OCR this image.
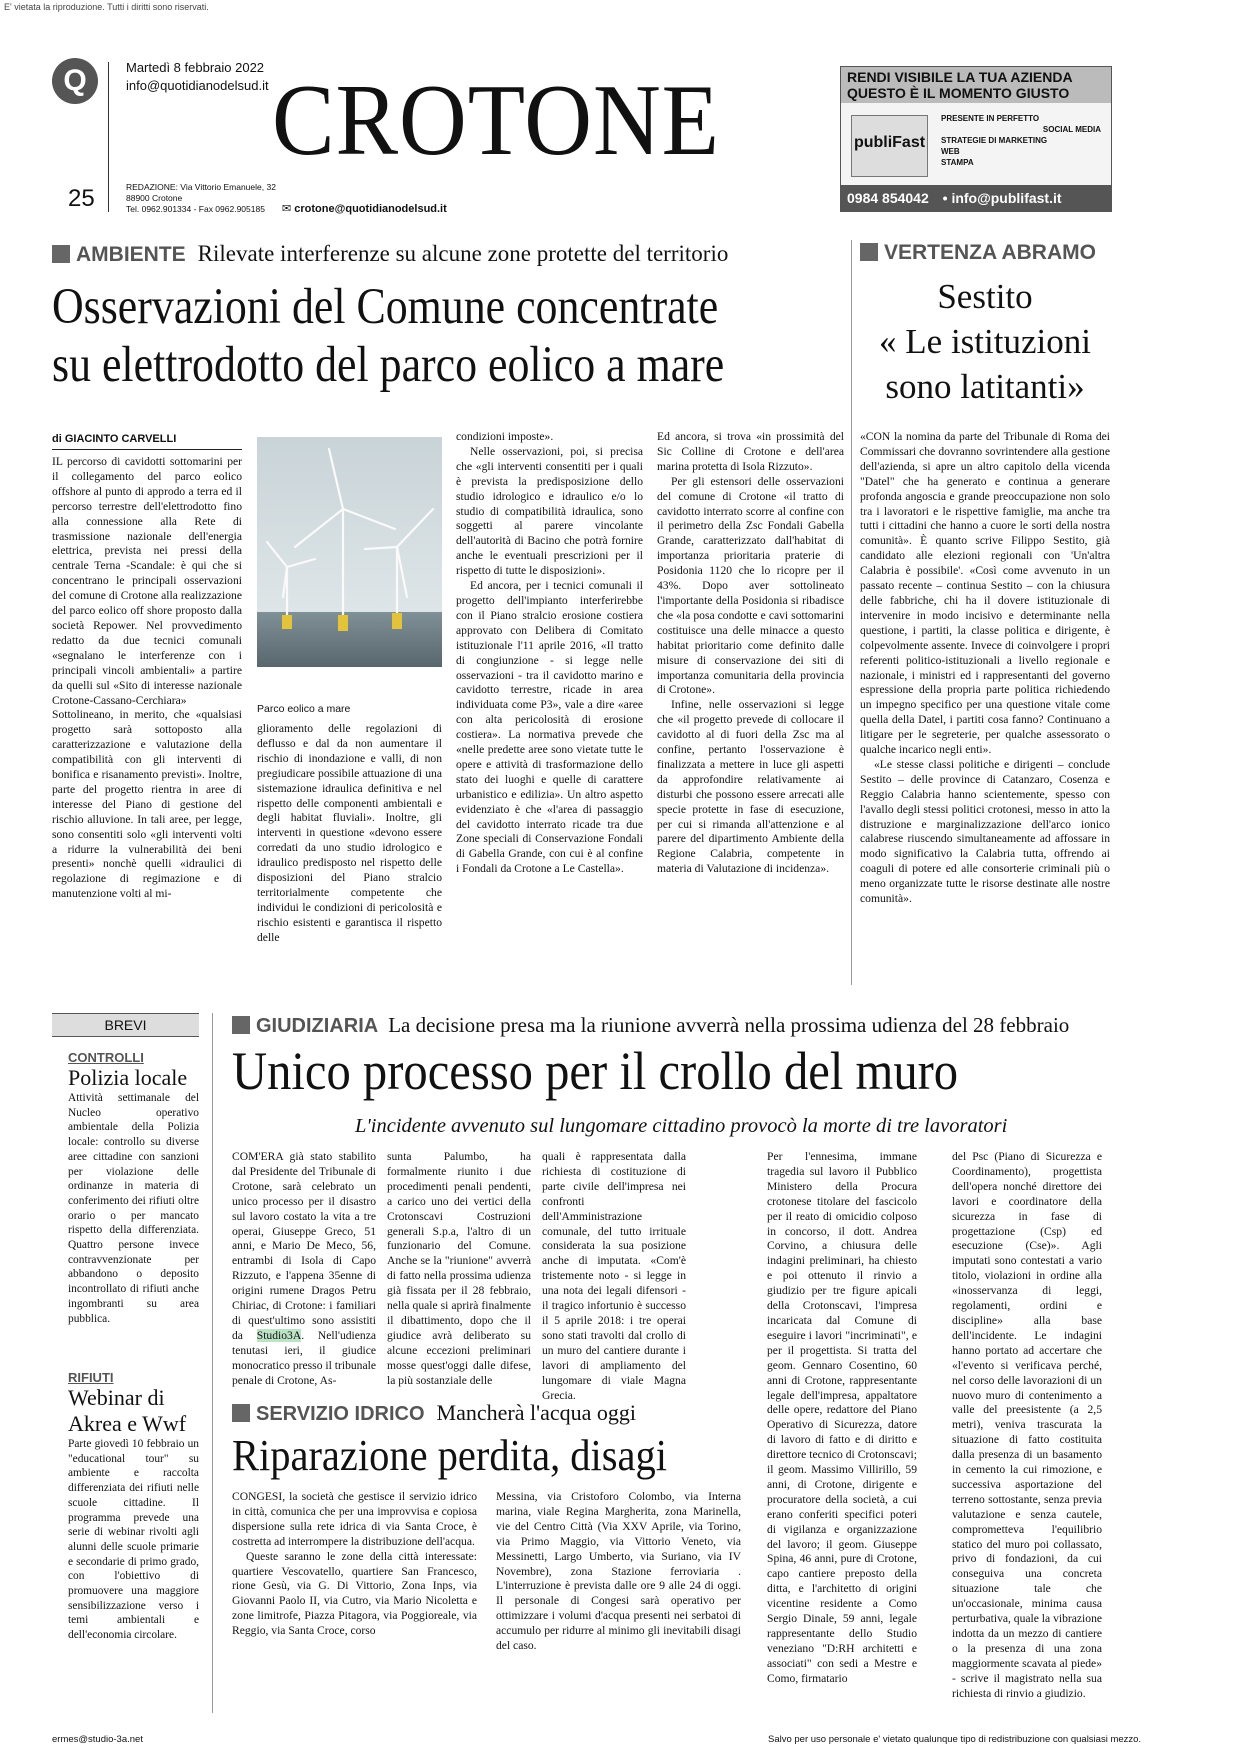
E' vietata la riproduzione. Tutti i diritti sono riservati.
Q	Martedì 8 febbraio 2022
info@quotidianodelsud.it
25
CROTONE
REDAZIONE: Via Vittorio Emanuele, 32
88900 Crotone
Tel. 0962.901334 - Fax 0962.905185	✉ crotone@quotidianodelsud.it
RENDI VISIBILE LA TUA AZIENDA
QUESTO È IL MOMENTO GIUSTO
publiFast
PRESENTE IN PERFETTO
SOCIAL MEDIA
STRATEGIE DI MARKETING
WEB
STAMPA
0984 854042 • info@publifast.it
AMBIENTE Rilevate interferenze su alcune zone protette del territorio
Osservazioni del Comune concentrate
su elettrodotto del parco eolico a mare
di GIACINTO CARVELLI
Parco eolico a mare

IL percorso di cavidotti sottomarini per il collegamento del parco eolico offshore al punto di approdo a terra ed il percorso terrestre dell'elettrodotto fino alla connessione alla Rete di trasmissione nazionale dell'energia elettrica, prevista nei pressi della centrale Terna -Scandale: è qui che si concentrano le principali osservazioni del comune di Crotone alla realizzazione del parco eolico off shore proposto dalla società Repower. Nel provvedimento redatto da due tecnici comunali «segnalano le interferenze con i principali vincoli ambientali» a partire da quelli sul «Sito di interesse nazionale Crotone-Cassano-Cerchiara» Sottolineano, in merito, che «qualsiasi progetto sarà sottoposto alla caratterizzazione e valutazione della compatibilità con gli interventi di bonifica e risanamento previsti». Inoltre, parte del progetto rientra in aree di interesse del Piano di gestione del rischio alluvione. In tali aree, per legge, sono consentiti solo «gli interventi volti a ridurre la vulnerabilità dei beni presenti» nonchè quelli «idraulici di regolazione di regimazione e di manutenzione volti al mi-

glioramento delle regolazioni di deflusso e dal da non aumentare il rischio di inondazione e valli, di non pregiudicare possibile attuazione di una sistemazione idraulica definitiva e nel rispetto delle componenti ambientali e degli habitat fluviali». Inoltre, gli interventi in questione «devono essere corredati da uno studio idrologico e idraulico predisposto nel rispetto delle disposizioni del Piano stralcio territorialmente competente che individui le condizioni di pericolosità e rischio esistenti e garantisca il rispetto delle

condizioni imposte».

Nelle osservazioni, poi, si precisa che «gli interventi consentiti per i quali è prevista la predisposizione dello studio idrologico e idraulico e/o lo studio di compatibilità idraulica, sono soggetti al parere vincolante dell'autorità di Bacino che potrà fornire anche le eventuali prescrizioni per il rispetto di tutte le disposizioni».

Ed ancora, per i tecnici comunali il progetto dell'impianto interferirebbe con il Piano stralcio erosione costiera approvato con Delibera di Comitato istituzionale l'11 aprile 2016, «Il tratto di congiunzione - si legge nelle osservazioni - tra il cavidotto marino e cavidotto terrestre, ricade in area individuata come P3», vale a dire «aree con alta pericolosità di erosione costiera». La normativa prevede che «nelle predette aree sono vietate tutte le opere e attività di trasformazione dello stato dei luoghi e quelle di carattere urbanistico e edilizia». Un altro aspetto evidenziato è che «l'area di passaggio del cavidotto interrato ricade tra due Zone speciali di Conservazione Fondali di Gabella Grande, con cui è al confine i Fondali da Crotone a Le Castella».

Ed ancora, si trova «in prossimità del Sic Colline di Crotone e dell'area marina protetta di Isola Rizzuto».

Per gli estensori delle osservazioni del comune di Crotone «il tratto di cavidotto interrato scorre al confine con il perimetro della Zsc Fondali Gabella Grande, caratterizzato dall'habitat di importanza prioritaria praterie di Posidonia 1120 che lo ricopre per il 43%. Dopo aver sottolineato l'importante della Posidonia si ribadisce che «la posa condotte e cavi sottomarini costituisce una delle minacce a questo habitat prioritario come definito dalle misure di conservazione dei siti di importanza comunitaria della provincia di Crotone».

Infine, nelle osservazioni si legge che «il progetto prevede di collocare il cavidotto al di fuori della Zsc ma al confine, pertanto l'osservazione è finalizzata a mettere in luce gli aspetti da approfondire relativamente ai disturbi che possono essere arrecati alle specie protette in fase di esecuzione, per cui si rimanda all'attenzione e al parere del dipartimento Ambiente della Regione Calabria, competente in materia di Valutazione di incidenza».

VERTENZA ABRAMO
Sestito
« Le istituzioni
sono latitanti»

«CON la nomina da parte del Tribunale di Roma dei Commissari che dovranno sovrintendere alla gestione dell'azienda, si apre un altro capitolo della vicenda "Datel" che ha generato e continua a generare profonda angoscia e grande preoccupazione non solo tra i lavoratori e le rispettive famiglie, ma anche tra tutti i cittadini che hanno a cuore le sorti della nostra comunità». È quanto scrive Filippo Sestito, già candidato alle elezioni regionali con 'Un'altra Calabria è possibile'. «Così come avvenuto in un passato recente – continua Sestito – con la chiusura delle fabbriche, chi ha il dovere istituzionale di intervenire in modo incisivo e determinante nella questione, i partiti, la classe politica e dirigente, è colpevolmente assente. Invece di coinvolgere i propri referenti politico-istituzionali a livello regionale e nazionale, i ministri ed i rappresentanti del governo espressione della propria parte politica richiedendo un impegno specifico per una questione vitale come quella della Datel, i partiti cosa fanno? Continuano a litigare per le segreterie, per qualche assessorato o qualche incarico negli enti».

«Le stesse classi politiche e dirigenti – conclude Sestito – delle province di Catanzaro, Cosenza e Reggio Calabria hanno scientemente, spesso con l'avallo degli stessi politici crotonesi, messo in atto la distruzione e marginalizzazione dell'arco ionico calabrese riuscendo simultaneamente ad affossare in modo significativo la Calabria tutta, offrendo ai coaguli di potere ed alle consorterie criminali più o meno organizzate tutte le risorse destinate alle nostre comunità».

BREVI
CONTROLLI
Polizia locale

Attività settimanale del Nucleo operativo ambientale della Polizia locale: controllo su diverse aree cittadine con sanzioni per violazione delle ordinanze in materia di conferimento dei rifiuti oltre orario o per mancato rispetto della differenziata. Quattro persone invece contravvenzionate per abbandono o deposito incontrollato di rifiuti anche ingombranti su area pubblica.

RIFIUTI
Webinar di
Akrea e Wwf

Parte giovedì 10 febbraio un "educational tour" su ambiente e raccolta differenziata dei rifiuti nelle scuole cittadine. Il programma prevede una serie di webinar rivolti agli alunni delle scuole primarie e secondarie di primo grado, con l'obiettivo di promuovere una maggiore sensibilizzazione verso i temi ambientali e dell'economia circolare.

GIUDIZIARIA La decisione presa ma la riunione avverrà nella prossima udienza del 28 febbraio
Unico processo per il crollo del muro
L'incidente avvenuto sul lungomare cittadino provocò la morte di tre lavoratori

COM'ERA già stato stabilito dal Presidente del Tribunale di Crotone, sarà celebrato un unico processo per il disastro sul lavoro costato la vita a tre operai, Giuseppe Greco, 51 anni, e Mario De Meco, 56, entrambi di Isola di Capo Rizzuto, e l'appena 35enne di origini rumene Dragos Petru Chiriac, di Crotone: i familiari di quest'ultimo sono assistiti da Studio3A. Nell'udienza tenutasi ieri, il giudice monocratico presso il tribunale penale di Crotone, As-

sunta Palumbo, ha formalmente riunito i due procedimenti penali pendenti, a carico uno dei vertici della Crotonscavi Costruzioni generali S.p.a, l'altro di un funzionario del Comune. Anche se la "riunione" avverrà di fatto nella prossima udienza già fissata per il 28 febbraio, nella quale si aprirà finalmente il dibattimento, dopo che il giudice avrà deliberato su alcune eccezioni preliminari mosse quest'oggi dalle difese, la più sostanziale delle

quali è rappresentata dalla richiesta di costituzione di parte civile dell'impresa nei confronti dell'Amministrazione comunale, del tutto irrituale considerata la sua posizione anche di imputata. «Com'è tristemente noto - si legge in una nota dei legali difensori - il tragico infortunio è successo il 5 aprile 2018: i tre operai sono stati travolti dal crollo di un muro del cantiere durante i lavori di ampliamento del lungomare di viale Magna Grecia.

Per l'ennesima, immane tragedia sul lavoro il Pubblico Ministero della Procura crotonese titolare del fascicolo per il reato di omicidio colposo in concorso, il dott. Andrea Corvino, a chiusura delle indagini preliminari, ha chiesto e poi ottenuto il rinvio a giudizio per tre figure apicali della Crotonscavi, l'impresa incaricata dal Comune di eseguire i lavori "incriminati", e per il progettista. Si tratta del geom. Gennaro Cosentino, 60 anni di Crotone, rappresentante legale dell'impresa, appaltatore delle opere, redattore del Piano Operativo di Sicurezza, datore di lavoro di fatto e di diritto e direttore tecnico di Crotonscavi; il geom. Massimo Villirillo, 59 anni, di Crotone, dirigente e procuratore della società, a cui erano conferiti specifici poteri di vigilanza e organizzazione del lavoro; il geom. Giuseppe Spina, 46 anni, pure di Crotone, capo cantiere preposto della ditta, e l'architetto di origini vicentine residente a Como Sergio Dinale, 59 anni, legale rappresentante dello Studio veneziano "D:RH architetti e associati" con sedi a Mestre e Como, firmatario

del Psc (Piano di Sicurezza e Coordinamento), progettista dell'opera nonché direttore dei lavori e coordinatore della sicurezza in fase di progettazione (Csp) ed esecuzione (Cse)». Agli imputati sono contestati a vario titolo, violazioni in ordine alla «inosservanza di leggi, regolamenti, ordini e discipline» alla base dell'incidente. Le indagini hanno portato ad accertare che «l'evento si verificava perché, nel corso delle lavorazioni di un nuovo muro di contenimento a valle del preesistente (a 2,5 metri), veniva trascurata la situazione di fatto costituita dalla presenza di un basamento in cemento la cui rimozione, e successiva asportazione del terreno sottostante, senza previa valutazione e senza cautele, comprometteva l'equilibrio statico del muro poi collassato, privo di fondazioni, da cui conseguiva una concreta situazione tale che un'occasionale, minima causa perturbativa, quale la vibrazione indotta da un mezzo di cantiere o la presenza di una zona maggiormente scavata al piede» - scrive il magistrato nella sua richiesta di rinvio a giudizio.

SERVIZIO IDRICO Mancherà l'acqua oggi
Riparazione perdita, disagi

CONGESI, la società che gestisce il servizio idrico in città, comunica che per una improvvisa e copiosa dispersione sulla rete idrica di via Santa Croce, è costretta ad interrompere la distribuzione dell'acqua.

Queste saranno le zone della città interessate: quartiere Vescovatello, quartiere San Francesco, rione Gesù, via G. Di Vittorio, Zona Inps, via Giovanni Paolo II, via Cutro, via Mario Nicoletta e zone limitrofe, Piazza Pitagora, via Poggioreale, via Reggio, via Santa Croce, corso

Messina, via Cristoforo Colombo, via Interna marina, viale Regina Margherita, zona Marinella, vie del Centro Città (Via XXV Aprile, via Torino, via Primo Maggio, via Vittorio Veneto, via Messinetti, Largo Umberto, via Suriano, via IV Novembre), zona Stazione ferroviaria . L'interruzione è prevista dalle ore 9 alle 24 di oggi. Il personale di Congesi sarà operativo per ottimizzare i volumi d'acqua presenti nei serbatoi di accumulo per ridurre al minimo gli inevitabili disagi del caso.

ermes@studio-3a.net	Salvo per uso personale e' vietato qualunque tipo di redistribuzione con qualsiasi mezzo.
